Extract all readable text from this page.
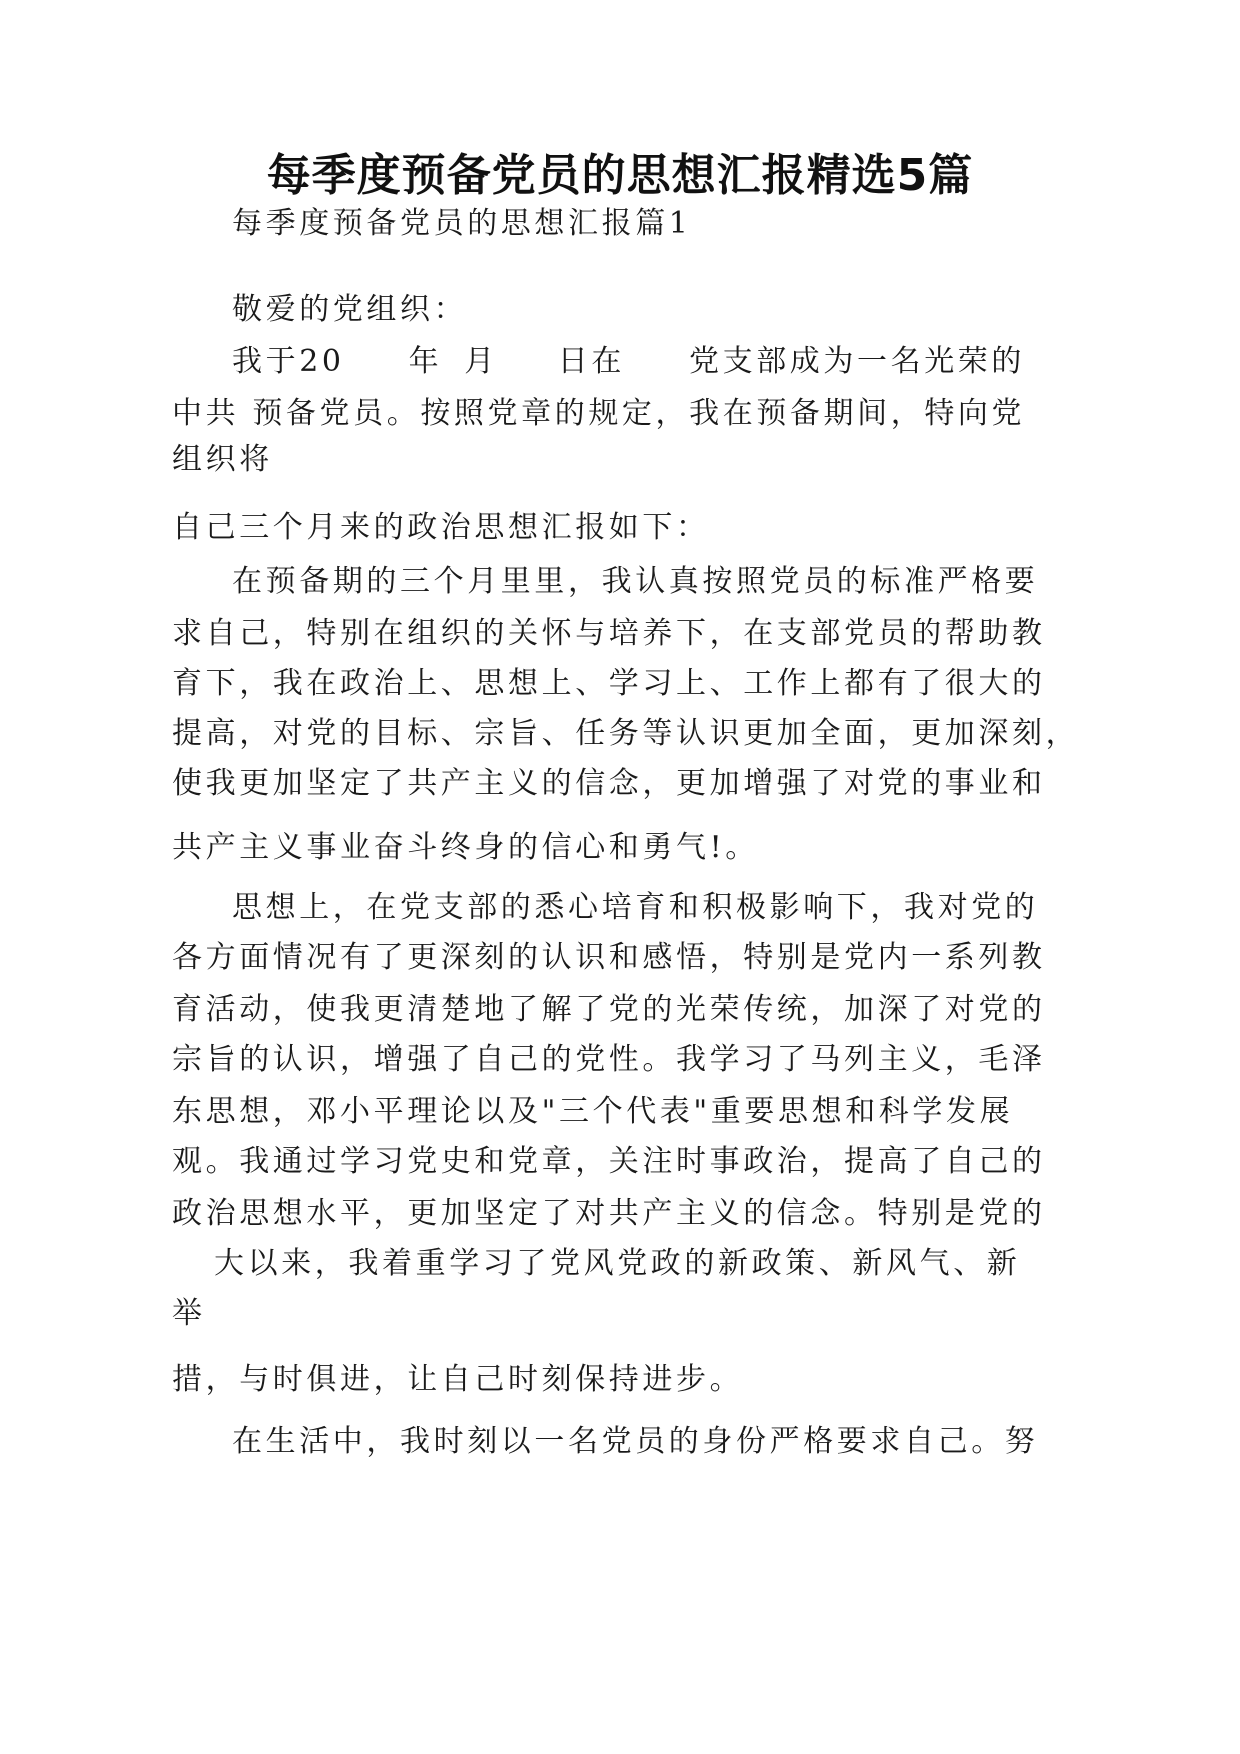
每季度预备党员的思想汇报精选5篇
每季度预备党员的思想汇报篇1
敬爱的党组织：
我于20 年 月 日在 党支部成为一名光荣的
中共 预备党员。按照党章的规定，我在预备期间，特向党
组织将
自己三个月来的政治思想汇报如下：
在预备期的三个月里里，我认真按照党员的标准严格要
求自己，特别在组织的关怀与培养下，在支部党员的帮助教
育下，我在政治上、思想上、学习上、工作上都有了很大的
提高，对党的目标、宗旨、任务等认识更加全面，更加深刻，
使我更加坚定了共产主义的信念，更加增强了对党的事业和
共产主义事业奋斗终身的信心和勇气!。
思想上，在党支部的悉心培育和积极影响下，我对党的
各方面情况有了更深刻的认识和感悟，特别是党内一系列教
育活动，使我更清楚地了解了党的光荣传统，加深了对党的
宗旨的认识，增强了自己的党性。我学习了马列主义，毛泽
东思想，邓小平理论以及"三个代表"重要思想和科学发展
观。我通过学习党史和党章，关注时事政治，提高了自己的
政治思想水平，更加坚定了对共产主义的信念。特别是党的
大以来，我着重学习了党风党政的新政策、新风气、新
举
措，与时俱进，让自己时刻保持进步。
在生活中，我时刻以一名党员的身份严格要求自己。努
